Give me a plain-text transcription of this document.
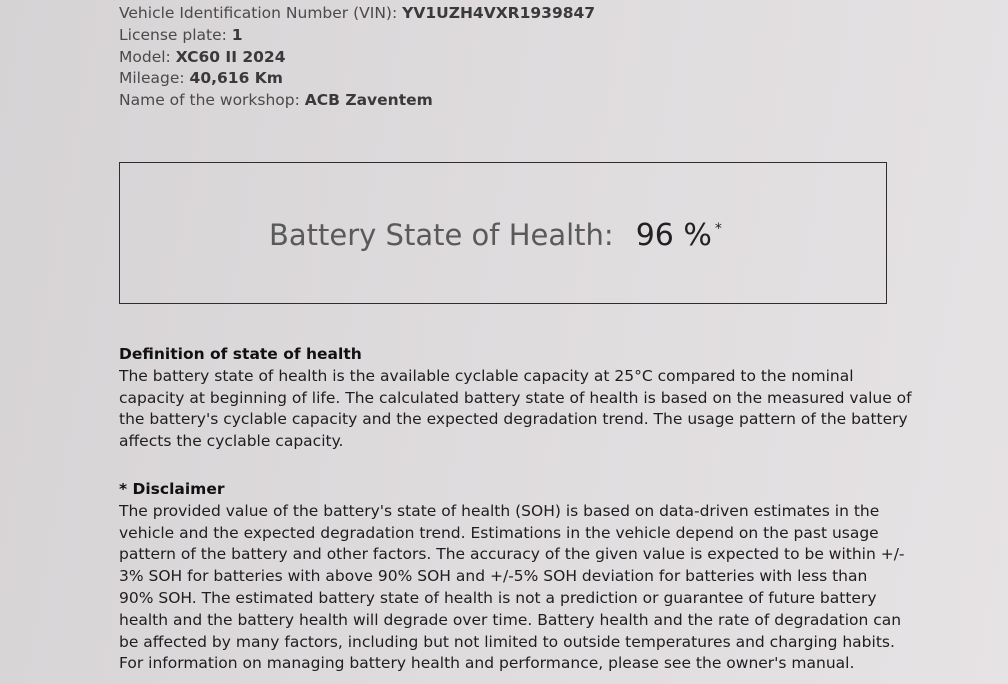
Vehicle Identification Number (VIN): YV1UZH4VXR1939847
License plate: 1
Model: XC60 II 2024
Mileage: 40,616 Km
Name of the workshop: ACB Zaventem
Battery State of Health: 96 % *
Definition of state of health
The battery state of health is the available cyclable capacity at 25°C compared to the nominal
capacity at beginning of life. The calculated battery state of health is based on the measured value of
the battery's cyclable capacity and the expected degradation trend. The usage pattern of the battery
affects the cyclable capacity.
* Disclaimer
The provided value of the battery's state of health (SOH) is based on data-driven estimates in the
vehicle and the expected degradation trend. Estimations in the vehicle depend on the past usage
pattern of the battery and other factors. The accuracy of the given value is expected to be within +/-
3% SOH for batteries with above 90% SOH and +/-5% SOH deviation for batteries with less than
90% SOH. The estimated battery state of health is not a prediction or guarantee of future battery
health and the battery health will degrade over time. Battery health and the rate of degradation can
be affected by many factors, including but not limited to outside temperatures and charging habits.
For information on managing battery health and performance, please see the owner's manual.
